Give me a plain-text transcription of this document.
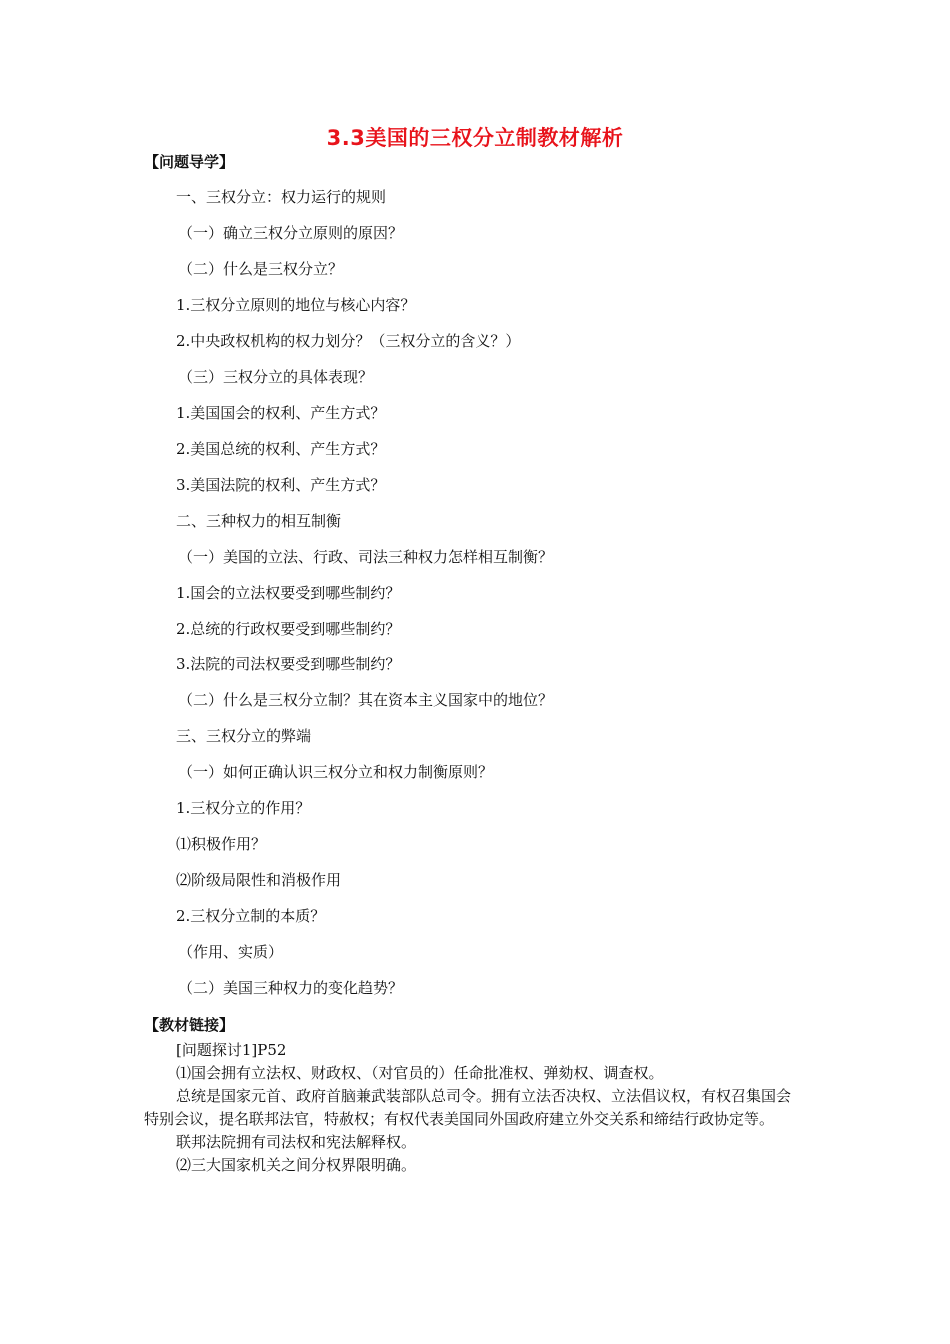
3.3美国的三权分立制教材解析
【问题导学】
一、三权分立：权力运行的规则
（一）确立三权分立原则的原因？
（二）什么是三权分立？
1.三权分立原则的地位与核心内容？
2.中央政权机构的权力划分？（三权分立的含义？）
（三）三权分立的具体表现？
1.美国国会的权利、产生方式？
2.美国总统的权利、产生方式？
3.美国法院的权利、产生方式？
二、三种权力的相互制衡
（一）美国的立法、行政、司法三种权力怎样相互制衡？
1.国会的立法权要受到哪些制约？
2.总统的行政权要受到哪些制约？
3.法院的司法权要受到哪些制约？
（二）什么是三权分立制？其在资本主义国家中的地位？
三、三权分立的弊端
（一）如何正确认识三权分立和权力制衡原则？
1.三权分立的作用？
⑴积极作用？
⑵阶级局限性和消极作用
2.三权分立制的本质？
（作用、实质）
（二）美国三种权力的变化趋势？
【教材链接】

[问题探讨1]P52

⑴国会拥有立法权、财政权、（对官员的）任命批准权、弹劾权、调查权。

总统是国家元首、政府首脑兼武装部队总司令。拥有立法否决权、立法倡议权，有权召集国会特别会议，提名联邦法官，特赦权；有权代表美国同外国政府建立外交关系和缔结行政协定等。

联邦法院拥有司法权和宪法解释权。

⑵三大国家机关之间分权界限明确。
